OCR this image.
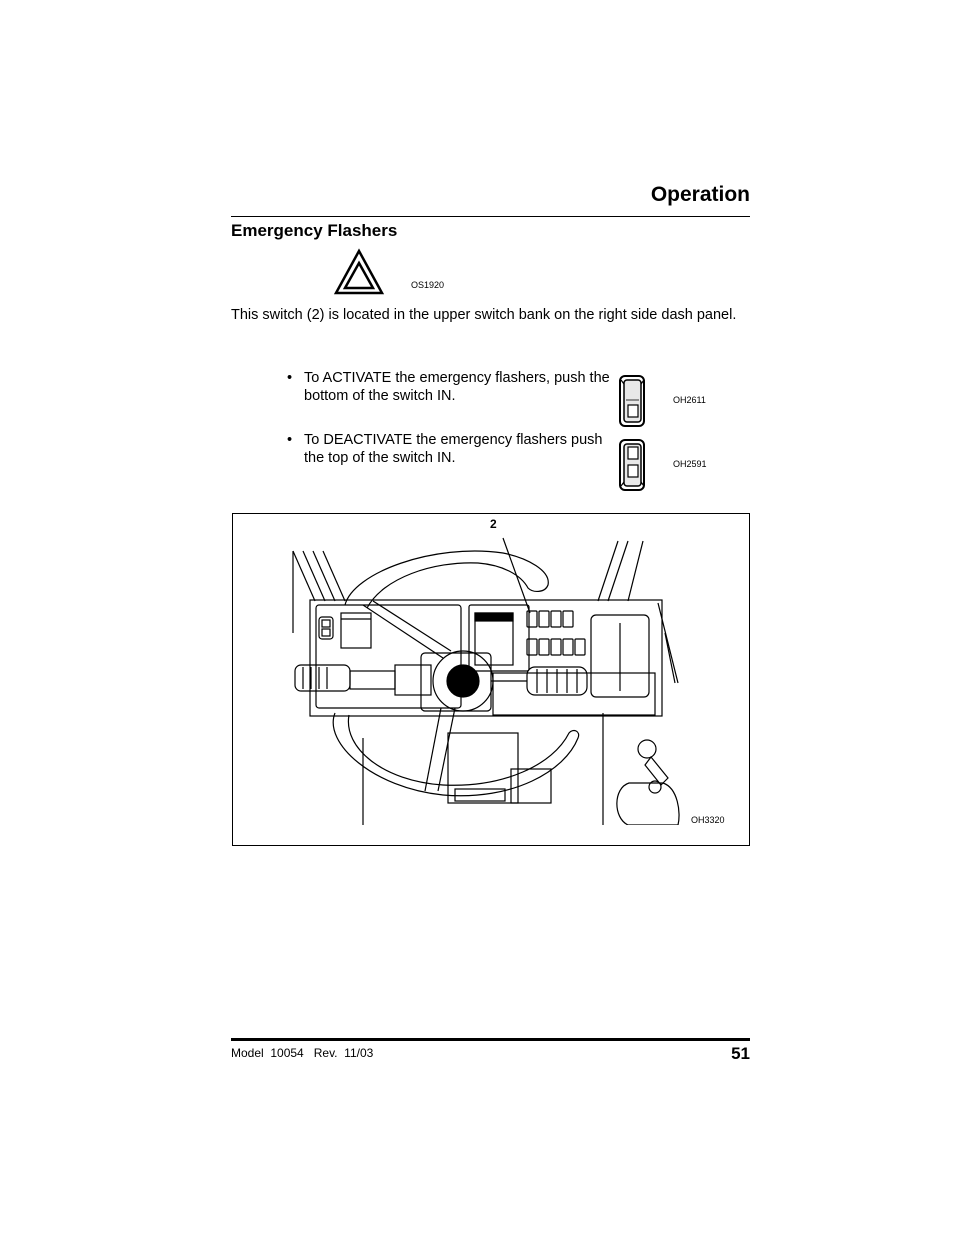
Operation
Emergency Flashers
OS1920
This switch (2) is located in the upper switch bank on the right side dash panel.
• To ACTIVATE the emergency flashers, push the bottom of the switch IN.
• To DEACTIVATE the emergency flashers push the top of the switch IN.
OH2611
OH2591
2
OH3320
Model  10054   Rev.  11/03	51
